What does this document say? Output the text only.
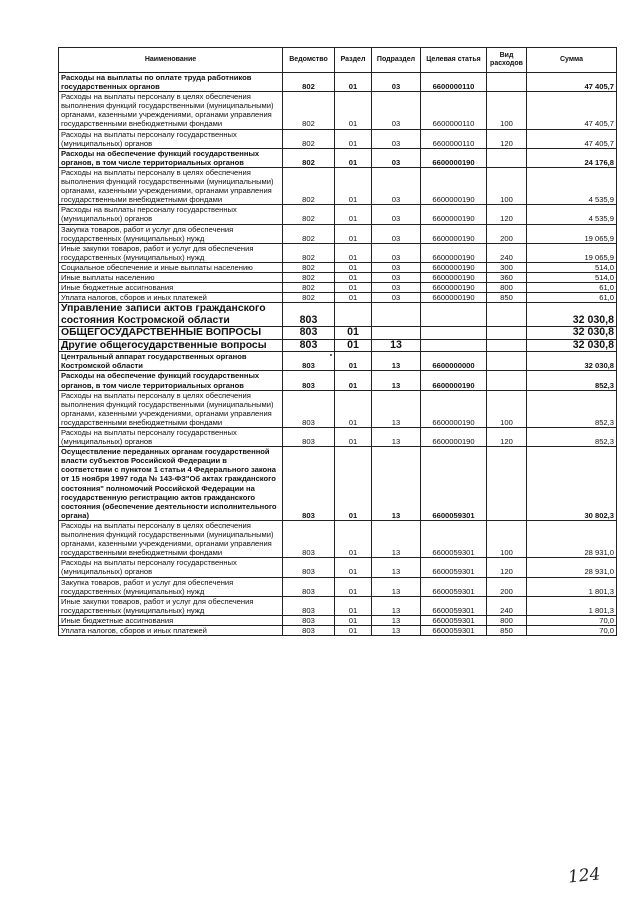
Наименование	Ведомство	Раздел	Подраздел	Целевая статья	Вид расходов	Сумма
Расходы на выплаты по оплате труда работников государственных органов	802	01	03	6600000110		47 405,7
Расходы на выплаты персоналу в целях обеспечения выполнения функций государственными (муниципальными) органами, казенными учреждениями, органами управления государственными внебюджетными фондами	802	01	03	6600000110	100	47 405,7
Расходы на выплаты персоналу государственных (муниципальных) органов	802	01	03	6600000110	120	47 405,7
Расходы на обеспечение функций государственных органов, в том числе территориальных органов	802	01	03	6600000190		24 176,8
Расходы на выплаты персоналу в целях обеспечения выполнения функций государственными (муниципальными) органами, казенными учреждениями, органами управления государственными внебюджетными фондами	802	01	03	6600000190	100	4 535,9
Расходы на выплаты персоналу государственных (муниципальных) органов	802	01	03	6600000190	120	4 535,9
Закупка товаров, работ и услуг для обеспечения государственных (муниципальных) нужд	802	01	03	6600000190	200	19 065,9
Иные закупки товаров, работ и услуг для обеспечения государственных (муниципальных) нужд	802	01	03	6600000190	240	19 065,9
Социальное обеспечение и иные выплаты населению	802	01	03	6600000190	300	514,0
Иные выплаты населению	802	01	03	6600000190	360	514,0
Иные бюджетные ассигнования	802	01	03	6600000190	800	61,0
Уплата налогов, сборов и иных платежей	802	01	03	6600000190	850	61,0
Управление записи актов гражданского состояния Костромской области	803					32 030,8
ОБЩЕГОСУДАРСТВЕННЫЕ ВОПРОСЫ	803	01				32 030,8
Другие общегосударственные вопросы	803	01	13			32 030,8
Центральный аппарат государственных органов Костромской области	803	01	13	6600000000		32 030,8
Расходы на обеспечение функций государственных органов, в том числе территориальных органов	803	01	13	6600000190		852,3
Расходы на выплаты персоналу в целях обеспечения выполнения функций государственными (муниципальными) органами, казенными учреждениями, органами управления государственными внебюджетными фондами	803	01	13	6600000190	100	852,3
Расходы на выплаты персоналу государственных (муниципальных) органов	803	01	13	6600000190	120	852,3
Осуществление переданных органам государственной власти субъектов Российской Федерации в соответствии с пунктом 1 статьи 4 Федерального закона от 15 ноября 1997 года № 143-ФЗ"Об актах гражданского состояния" полномочий Российской Федерации на государственную регистрацию актов гражданского состояния (обеспечение деятельности исполнительного органа)	803	01	13	6600059301		30 802,3
Расходы на выплаты персоналу в целях обеспечения выполнения функций государственными (муниципальными) органами, казенными учреждениями, органами управления государственными внебюджетными фондами	803	01	13	6600059301	100	28 931,0
Расходы на выплаты персоналу государственных (муниципальных) органов	803	01	13	6600059301	120	28 931,0
Закупка товаров, работ и услуг для обеспечения государственных (муниципальных) нужд	803	01	13	6600059301	200	1 801,3
Иные закупки товаров, работ и услуг для обеспечения государственных (муниципальных) нужд	803	01	13	6600059301	240	1 801,3
Иные бюджетные ассигнования	803	01	13	6600059301	800	70,0
Уплата налогов, сборов и иных платежей	803	01	13	6600059301	850	70,0
124
